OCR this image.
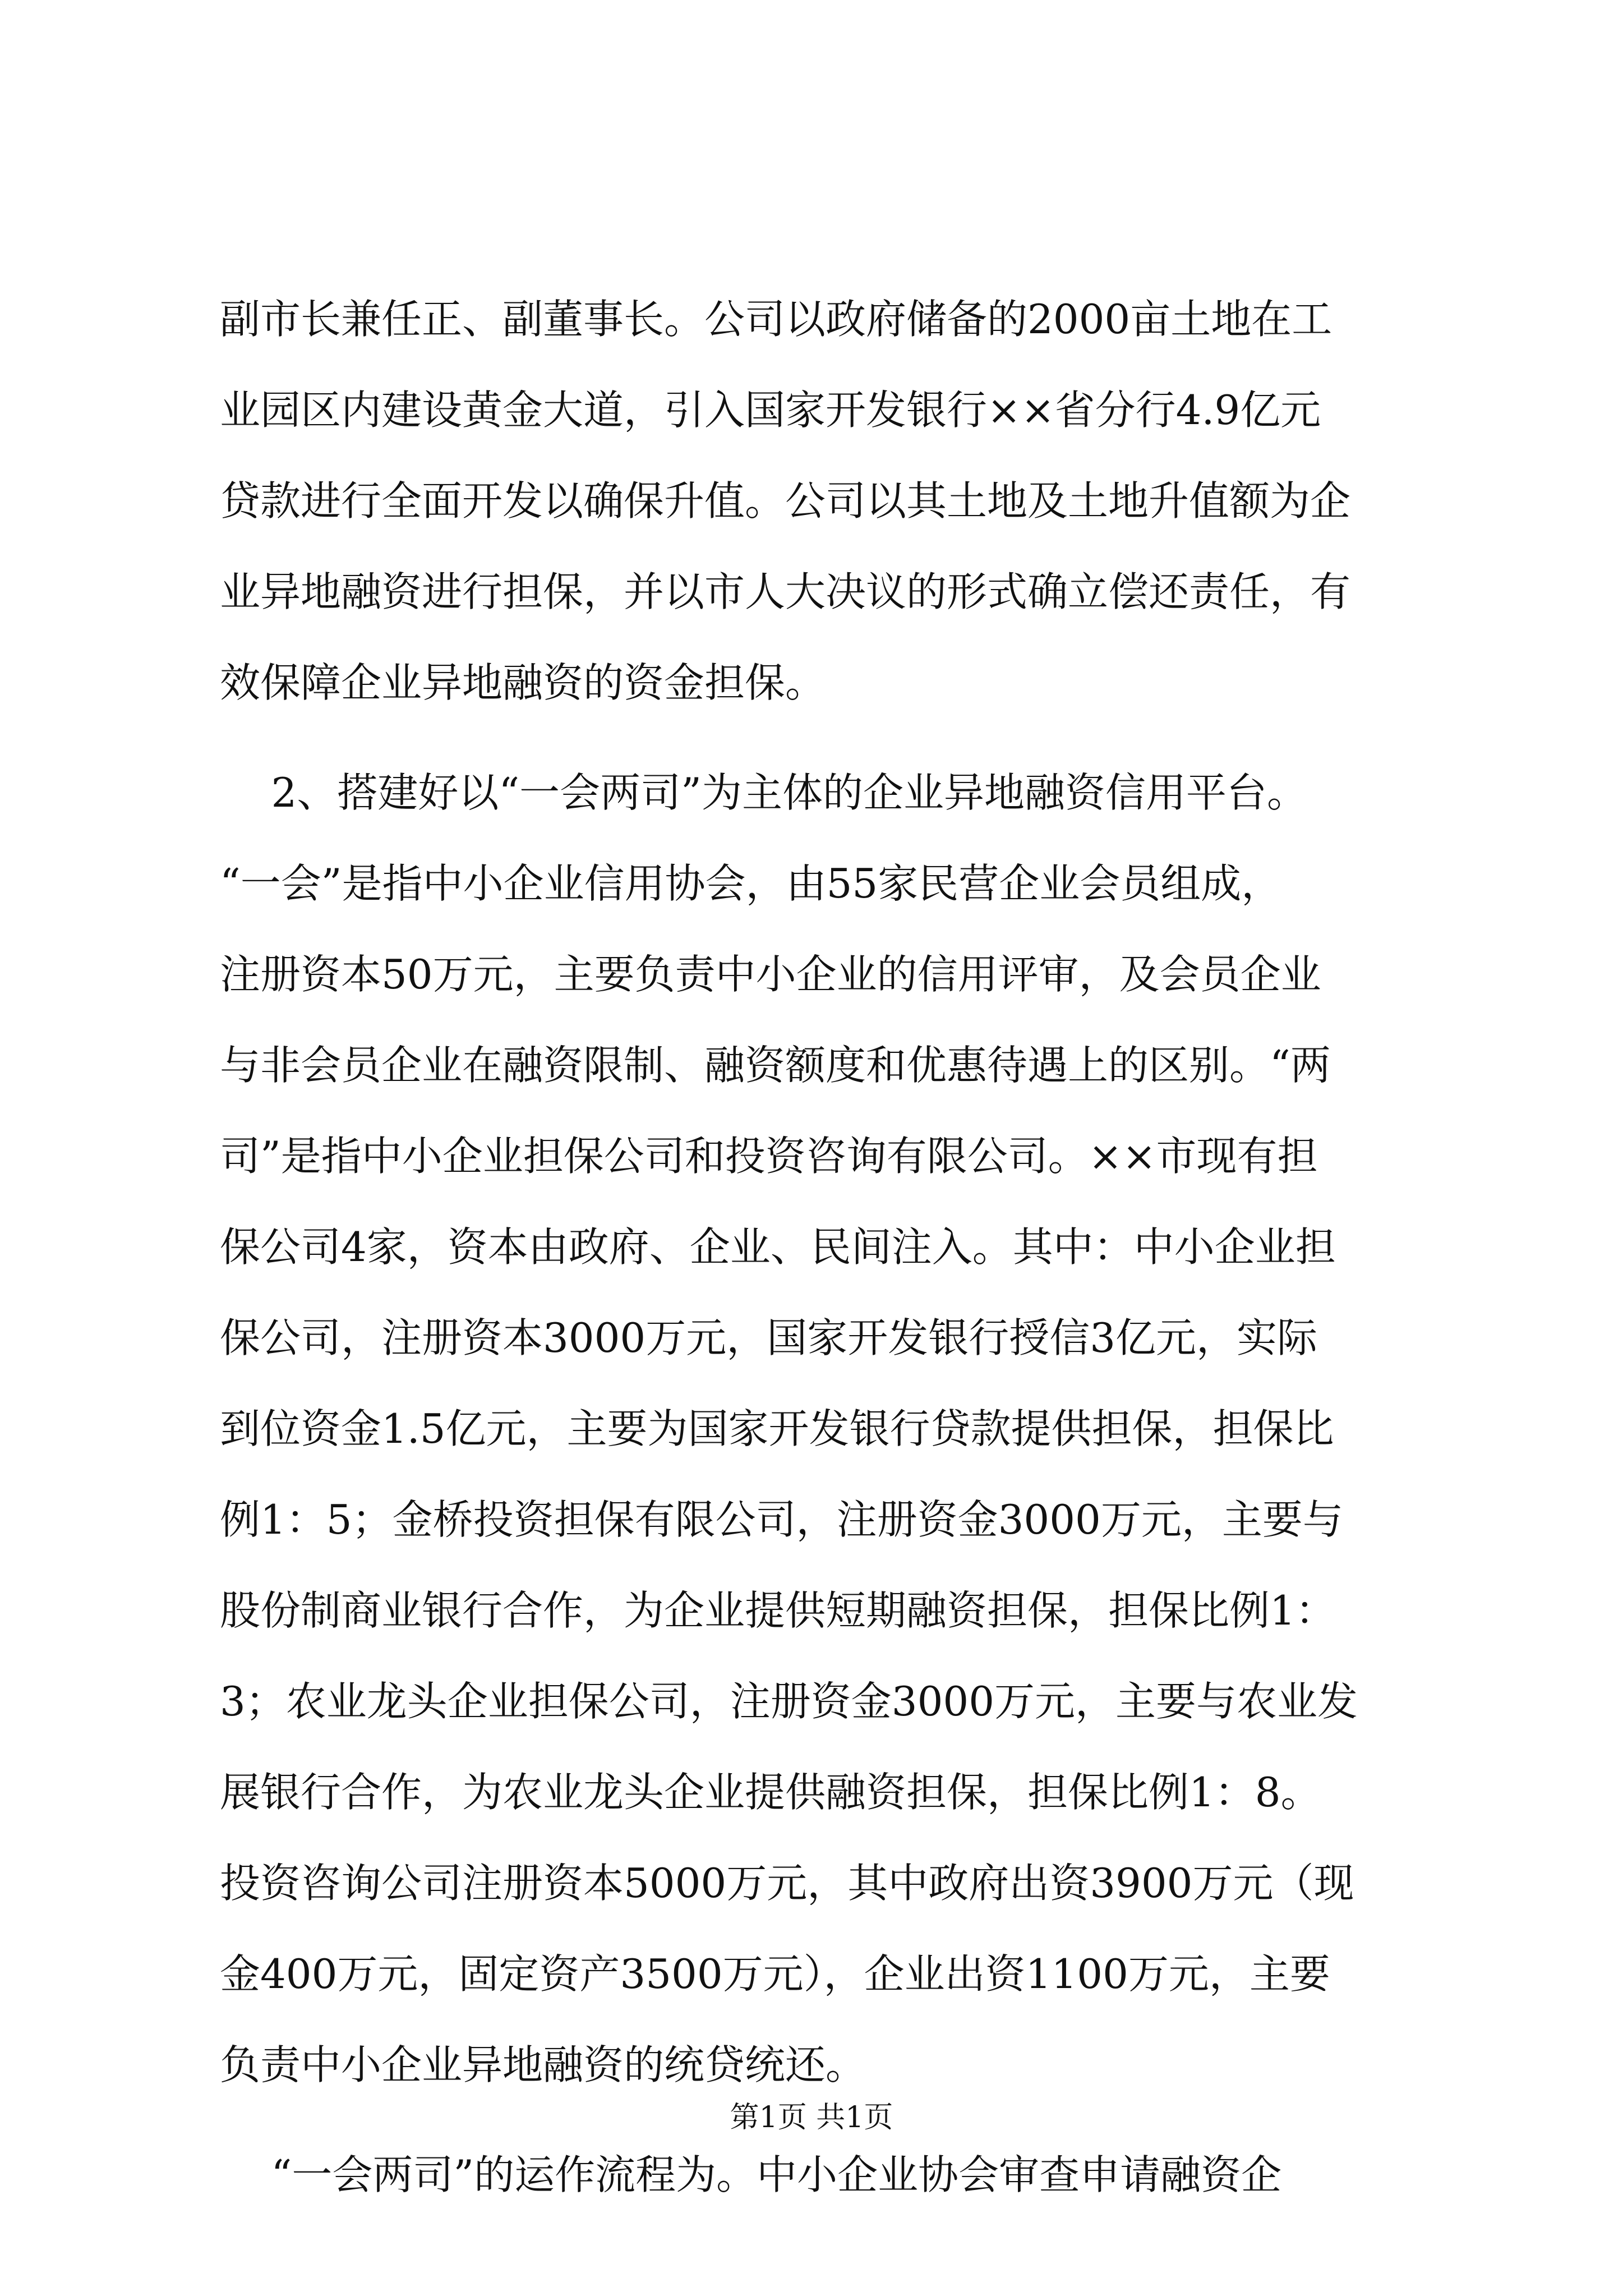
副市长兼任正、副董事长。公司以政府储备的2000亩土地在工
业园区内建设黄金大道，引入国家开发银行××省分行4.9亿元
贷款进行全面开发以确保升值。公司以其土地及土地升值额为企
业异地融资进行担保，并以市人大决议的形式确立偿还责任，有
效保障企业异地融资的资金担保。
2、搭建好以“一会两司”为主体的企业异地融资信用平台。
“一会”是指中小企业信用协会，由55家民营企业会员组成，
注册资本50万元，主要负责中小企业的信用评审，及会员企业
与非会员企业在融资限制、融资额度和优惠待遇上的区别。“两
司”是指中小企业担保公司和投资咨询有限公司。××市现有担
保公司4家，资本由政府、企业、民间注入。其中：中小企业担
保公司，注册资本3000万元，国家开发银行授信3亿元，实际
到位资金1.5亿元，主要为国家开发银行贷款提供担保，担保比
例1：5；金桥投资担保有限公司，注册资金3000万元，主要与
股份制商业银行合作，为企业提供短期融资担保，担保比例1：
3；农业龙头企业担保公司，注册资金3000万元，主要与农业发
展银行合作，为农业龙头企业提供融资担保，担保比例1：8。
投资咨询公司注册资本5000万元，其中政府出资3900万元（现
金400万元，固定资产3500万元），企业出资1100万元，主要
负责中小企业异地融资的统贷统还。
“一会两司”的运作流程为。中小企业协会审查申请融资企
第1页 共1页
